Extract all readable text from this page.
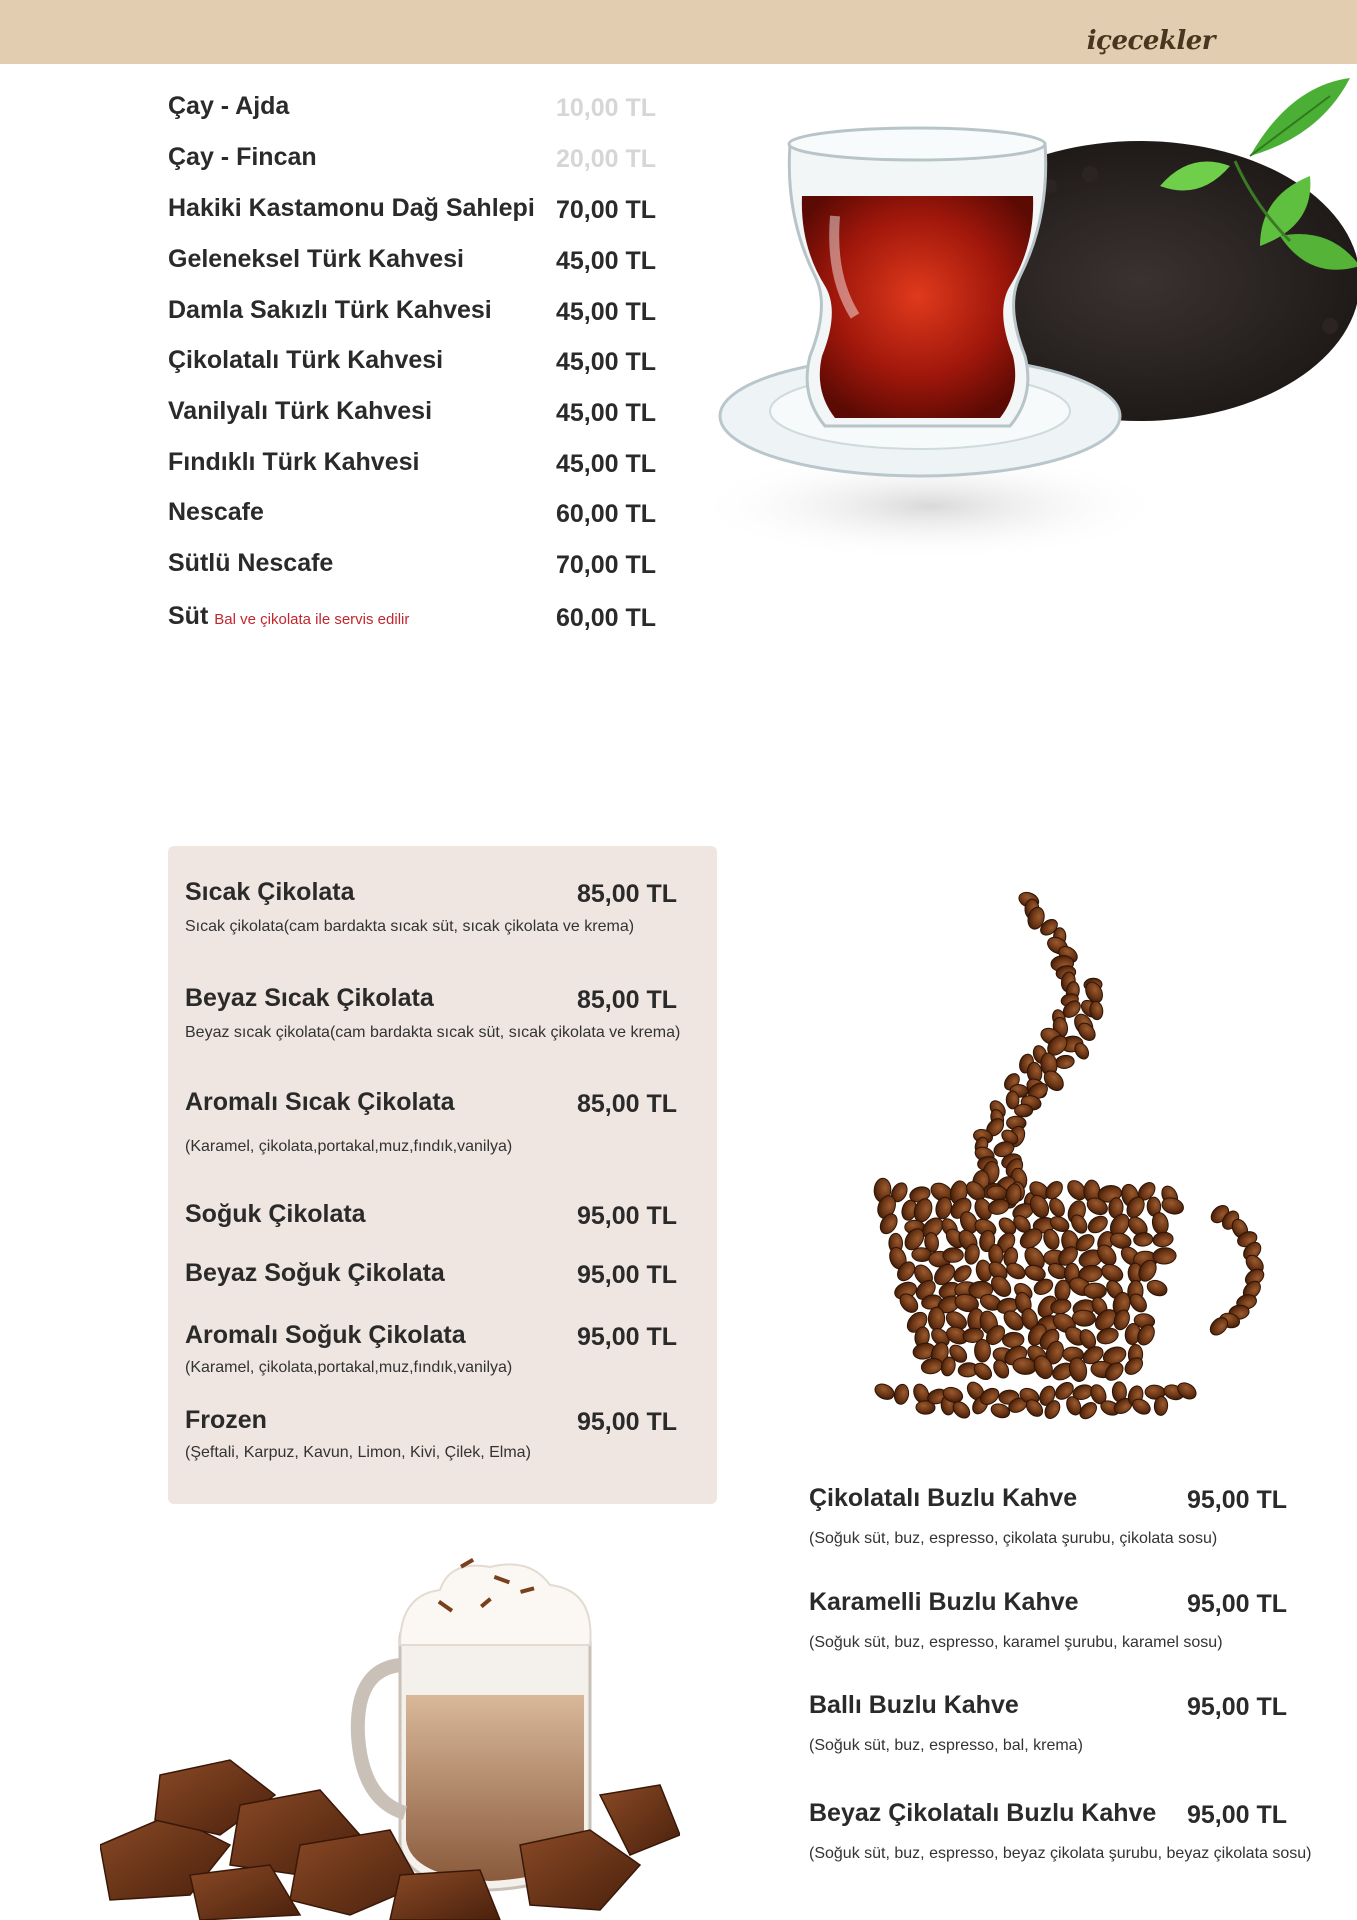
içecekler
Çay - Ajda	10,00 TL
Çay - Fincan	20,00 TL
Hakiki Kastamonu Dağ Sahlepi 70,00 TL
Geleneksel Türk Kahvesi	45,00 TL
Damla Sakızlı Türk Kahvesi	45,00 TL
Çikolatalı Türk Kahvesi	45,00 TL
Vanilyalı Türk Kahvesi	45,00 TL
Fındıklı Türk Kahvesi	45,00 TL
Nescafe	60,00 TL
Sütlü Nescafe	70,00 TL
Süt Bal ve çikolata ile servis edilir	60,00 TL
Sıcak Çikolata	85,00 TL
Sıcak çikolata(cam bardakta sıcak süt, sıcak çikolata ve krema)
Beyaz Sıcak Çikolata	85,00 TL
Beyaz sıcak çikolata(cam bardakta sıcak süt, sıcak çikolata ve krema)
Aromalı Sıcak Çikolata	85,00 TL
(Karamel, çikolata,portakal,muz,fındık,vanilya)
Soğuk Çikolata	95,00 TL
Beyaz Soğuk Çikolata	95,00 TL
Aromalı Soğuk Çikolata	95,00 TL
(Karamel, çikolata,portakal,muz,fındık,vanilya)
Frozen	95,00 TL
(Şeftali, Karpuz, Kavun, Limon, Kivi, Çilek, Elma)
Çikolatalı Buzlu Kahve	95,00 TL
(Soğuk süt, buz, espresso, çikolata şurubu, çikolata sosu)
Karamelli Buzlu Kahve	95,00 TL
(Soğuk süt, buz, espresso, karamel şurubu, karamel sosu)
Ballı Buzlu Kahve	95,00 TL
(Soğuk süt, buz, espresso, bal, krema)
Beyaz Çikolatalı Buzlu Kahve 95,00 TL
(Soğuk süt, buz, espresso, beyaz çikolata şurubu, beyaz çikolata sosu)
